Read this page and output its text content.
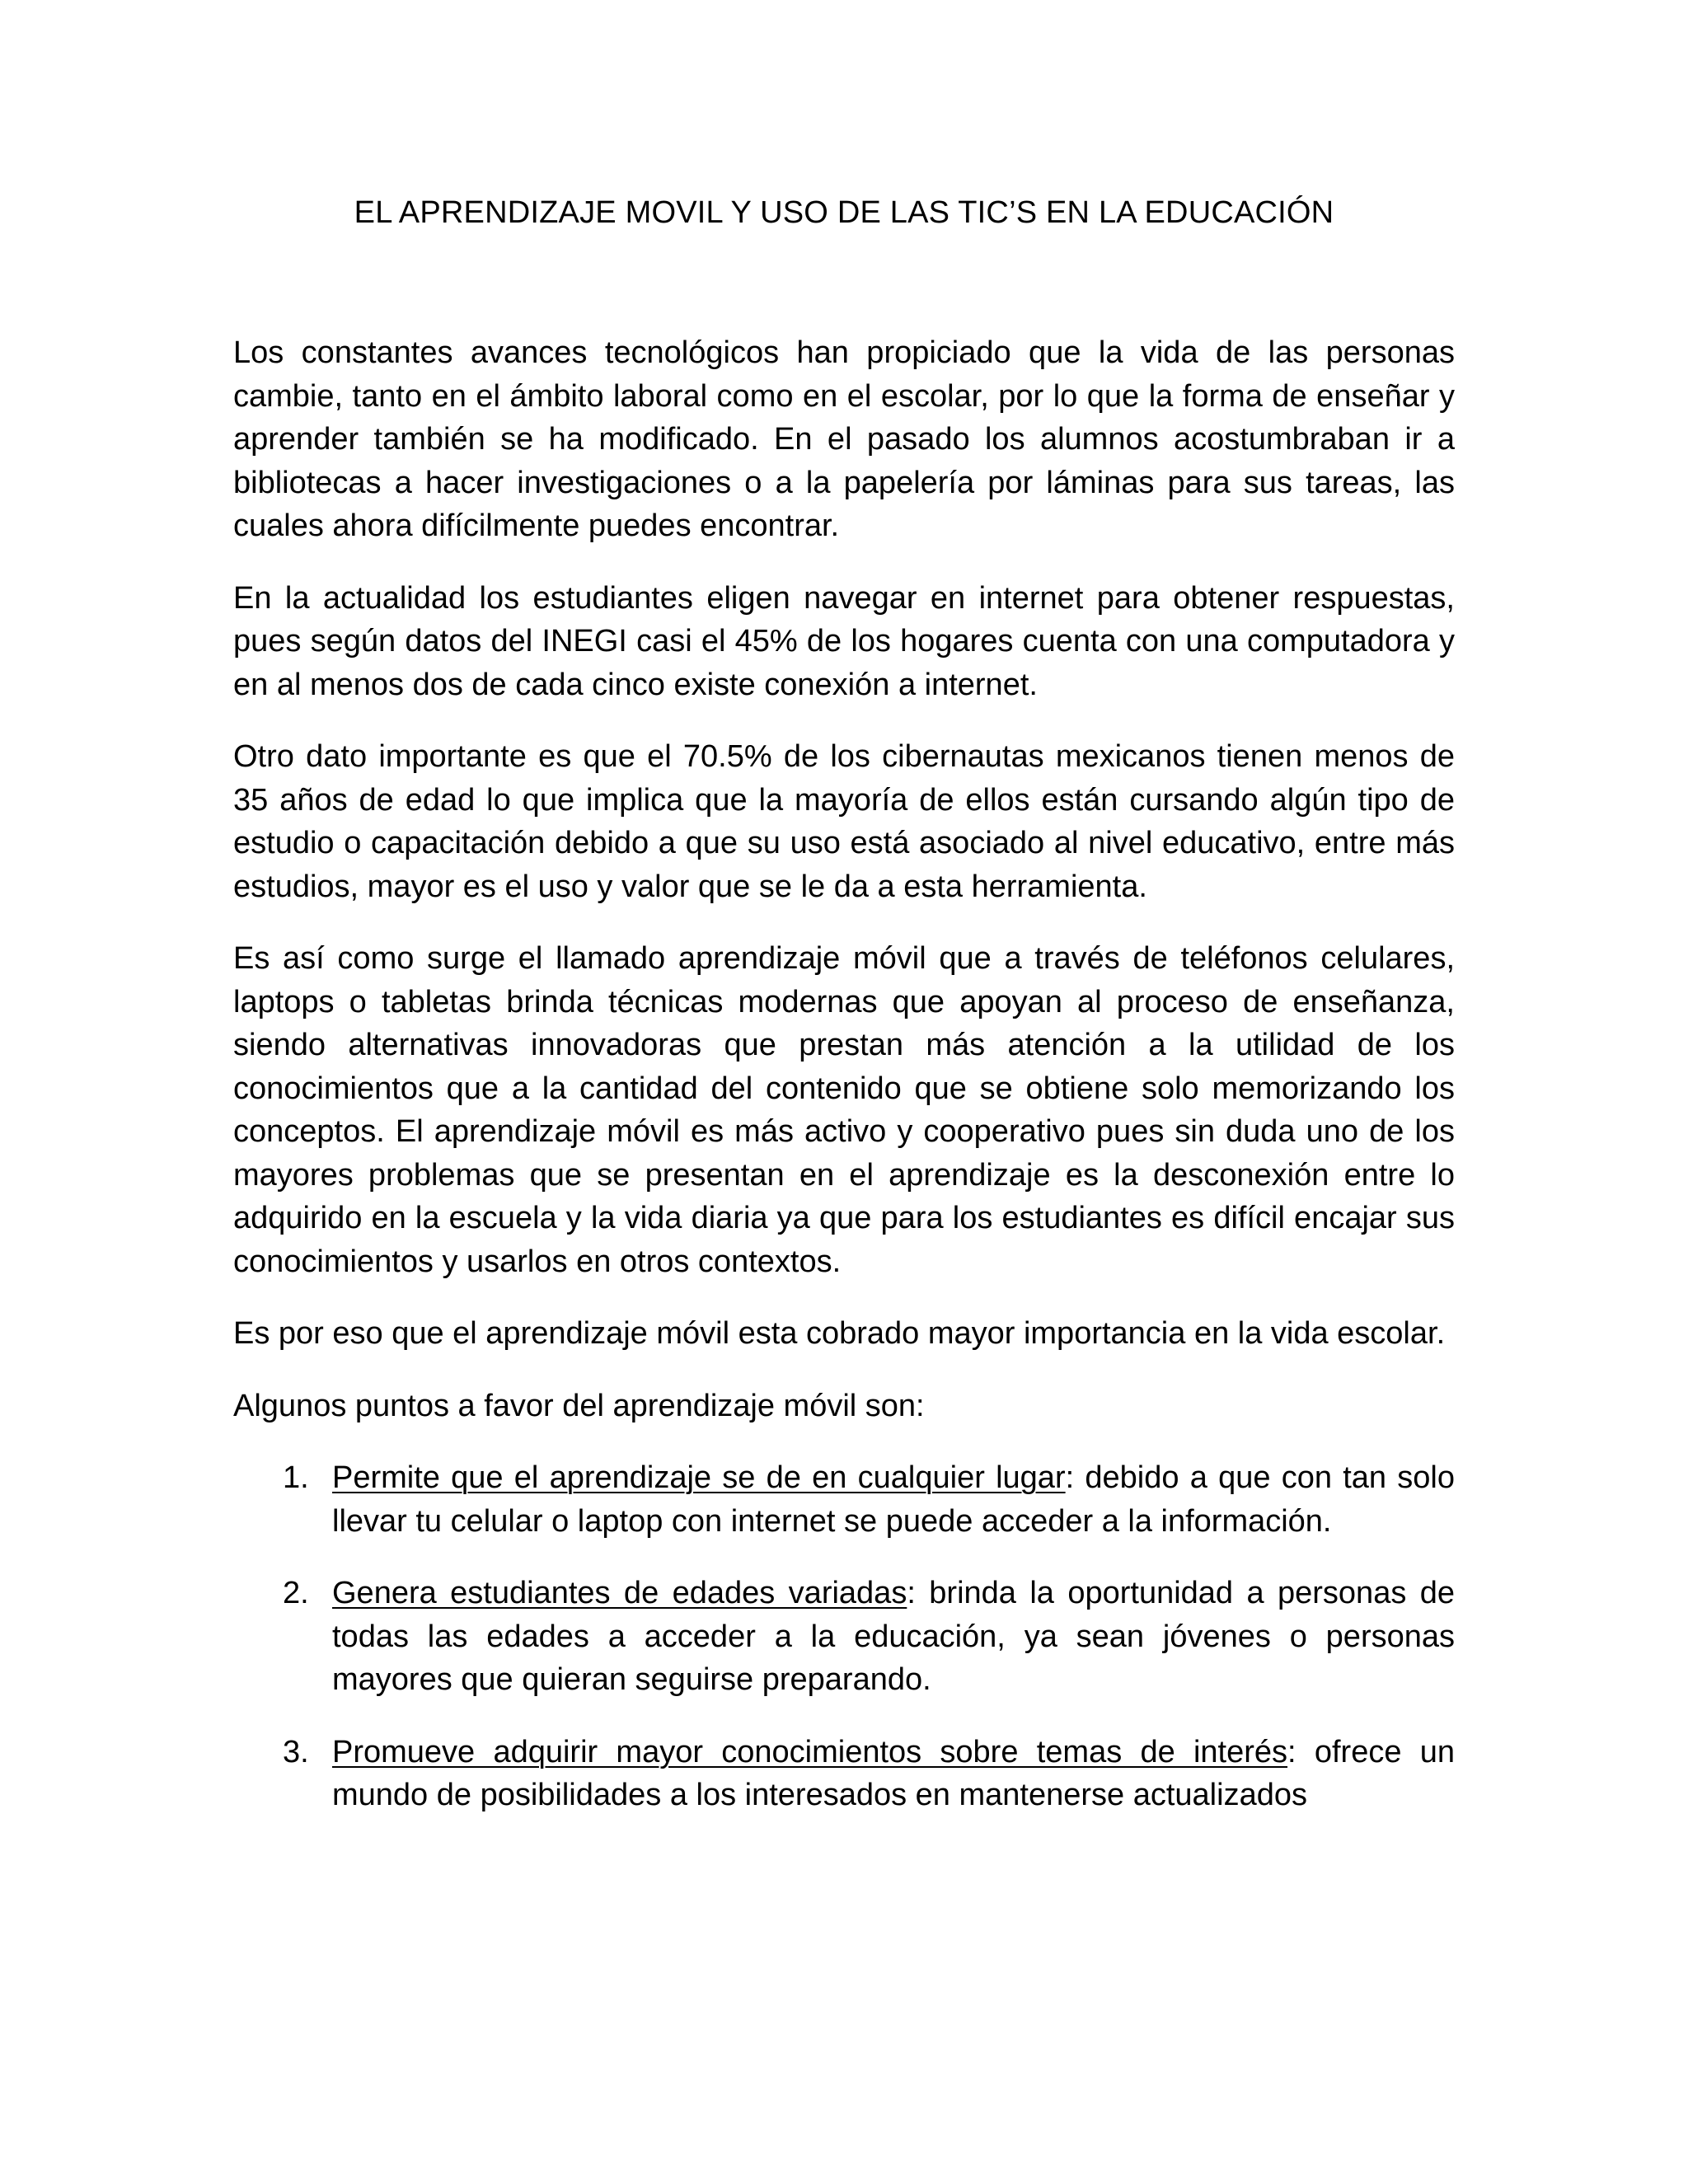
EL APRENDIZAJE MOVIL Y USO DE LAS TIC’S EN LA EDUCACIÓN

Los constantes avances tecnológicos han propiciado que la vida de las personas cambie, tanto en el ámbito laboral como en el escolar, por lo que la forma de enseñar y aprender también se ha modificado. En el pasado los alumnos acostumbraban ir a bibliotecas a hacer investigaciones o a la papelería por láminas para sus tareas, las cuales ahora difícilmente puedes encontrar.

En la actualidad los estudiantes eligen navegar en internet para obtener respuestas, pues según datos del INEGI casi el 45% de los hogares cuenta con una computadora y en al menos dos de cada cinco existe conexión a internet.

Otro dato importante es que el 70.5% de los cibernautas mexicanos tienen menos de 35 años de edad lo que implica que la mayoría de ellos están cursando algún tipo de estudio o capacitación debido a que su uso está asociado al nivel educativo, entre más estudios, mayor es el uso y valor que se le da a esta herramienta.

Es así como surge el llamado aprendizaje móvil que a través de teléfonos celulares, laptops o tabletas brinda técnicas modernas que apoyan al proceso de enseñanza, siendo alternativas innovadoras que prestan más atención a la utilidad de los conocimientos que a la cantidad del contenido que se obtiene solo memorizando los conceptos. El aprendizaje móvil es más activo y cooperativo pues sin duda uno de los mayores problemas que se presentan en el aprendizaje es la desconexión entre lo adquirido en la escuela y la vida diaria ya que para los estudiantes es difícil encajar sus conocimientos y usarlos en otros contextos.

Es por eso que el aprendizaje móvil esta cobrado mayor importancia en la vida escolar.

Algunos puntos a favor del aprendizaje móvil son:

1. Permite que el aprendizaje se de en cualquier lugar: debido a que con tan solo llevar tu celular o laptop con internet se puede acceder a la información.
2. Genera estudiantes de edades variadas: brinda la oportunidad a personas de todas las edades a acceder a la educación, ya sean jóvenes o personas mayores que quieran seguirse preparando.
3. Promueve adquirir mayor conocimientos sobre temas de interés: ofrece un mundo de posibilidades a los interesados en mantenerse actualizados
